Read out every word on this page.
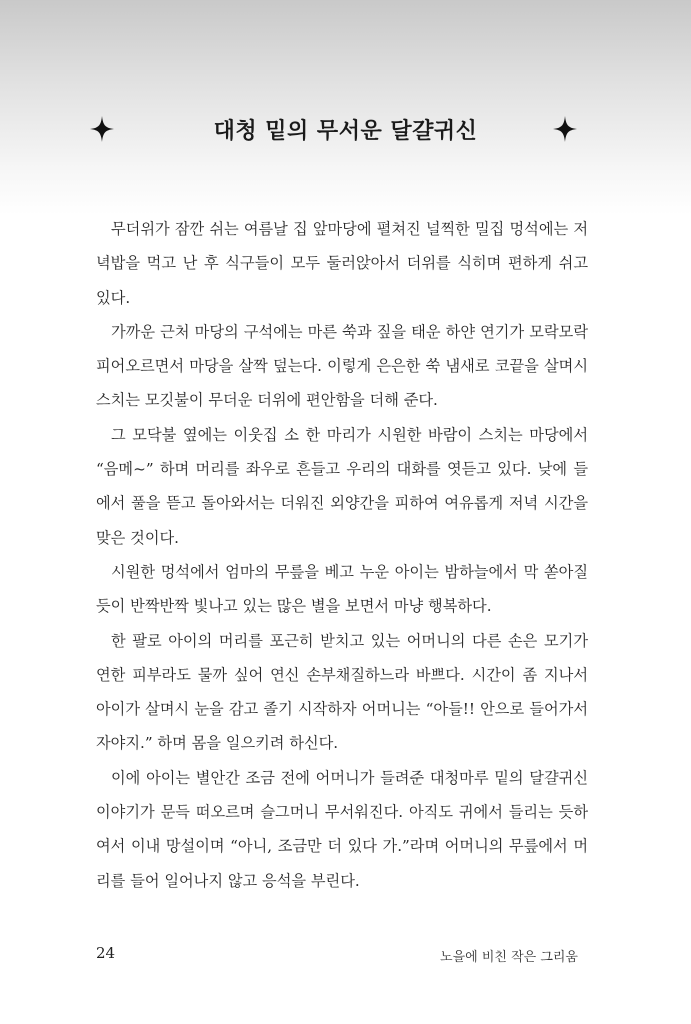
대청 밑의 무서운 달걀귀신

무더위가 잠깐 쉬는 여름날 집 앞마당에 펼쳐진 널찍한 밀집 멍석에는 저녁밥을 먹고 난 후 식구들이 모두 둘러앉아서 더위를 식히며 편하게 쉬고 있다.

가까운 근처 마당의 구석에는 마른 쑥과 짚을 태운 하얀 연기가 모락모락 피어오르면서 마당을 살짝 덮는다. 이렇게 은은한 쑥 냄새로 코끝을 살며시 스치는 모깃불이 무더운 더위에 편안함을 더해 준다.

그 모닥불 옆에는 이웃집 소 한 마리가 시원한 바람이 스치는 마당에서 “음메~” 하며 머리를 좌우로 흔들고 우리의 대화를 엿듣고 있다. 낮에 들에서 풀을 뜯고 돌아와서는 더워진 외양간을 피하여 여유롭게 저녁 시간을 맞은 것이다.

시원한 멍석에서 엄마의 무릎을 베고 누운 아이는 밤하늘에서 막 쏟아질 듯이 반짝반짝 빛나고 있는 많은 별을 보면서 마냥 행복하다.

한 팔로 아이의 머리를 포근히 받치고 있는 어머니의 다른 손은 모기가 연한 피부라도 물까 싶어 연신 손부채질하느라 바쁘다. 시간이 좀 지나서 아이가 살며시 눈을 감고 졸기 시작하자 어머니는 “아들!! 안으로 들어가서 자야지.” 하며 몸을 일으키려 하신다.

이에 아이는 별안간 조금 전에 어머니가 들려준 대청마루 밑의 달걀귀신 이야기가 문득 떠오르며 슬그머니 무서워진다. 아직도 귀에서 들리는 듯하여서 이내 망설이며 “아니, 조금만 더 있다 가.”라며 어머니의 무릎에서 머리를 들어 일어나지 않고 응석을 부린다.

24	노을에 비친 작은 그리움
